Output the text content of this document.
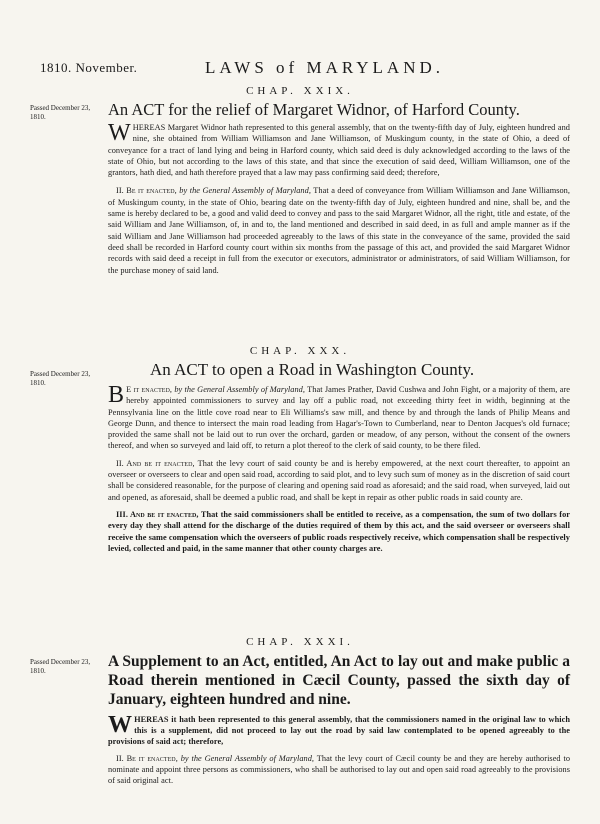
1810. November.	LAWS of MARYLAND.
CHAP. XXIX.
Passed December 23, 1810.	An ACT for the relief of Margaret Widnor, of Harford County.

WHEREAS Margaret Widnor hath represented to this general assembly, that on the twenty-fifth day of July, eighteen hundred and nine, she obtained from William Williamson and Jane Williamson, of Muskingum county, in the state of Ohio, a deed of conveyance for a tract of land lying and being in Harford county, which said deed is duly acknowledged according to the laws of the state of Ohio, but not according to the laws of this state, and that since the execution of said deed, William Williamson, one of the grantors, hath died, and hath therefore prayed that a law may pass confirming said deed; therefore,

II. Be it enacted, by the General Assembly of Maryland, That a deed of conveyance from William Williamson and Jane Williamson, of Muskingum county, in the state of Ohio, bearing date on the twenty-fifth day of July, eighteen hundred and nine, shall be, and the same is hereby declared to be, a good and valid deed to convey and pass to the said Margaret Widnor, all the right, title and estate, of the said William and Jane Williamson, of, in and to, the land mentioned and described in said deed, in as full and ample manner as if the said William and Jane Williamson had proceeded agreeably to the laws of this state in the conveyance of the same, provided the said deed shall be recorded in Harford county court within six months from the passage of this act, and provided the said Margaret Widnor records with said deed a receipt in full from the executor or executors, administrator or administrators, of said William Williamson, for the purchase money of said land.

CHAP. XXX.
Passed December 23, 1810.
An ACT to open a Road in Washington County.

B E it enacted, by the General Assembly of Maryland, That James Prather, David Cushwa and John Fight, or a majority of them, are hereby appointed commissioners to survey and lay off a public road, not exceeding thirty feet in width, beginning at the Pennsylvania line on the little cove road near to Eli Williams's saw mill, and thence by and through the lands of Philip Means and George Dunn, and thence to intersect the main road leading from Hagar's-Town to Cumberland, near to Denton Jacques's old furnace; provided the same shall not be laid out to run over the orchard, garden or meadow, of any person, without the consent of the owners thereof, and when so surveyed and laid off, to return a plot thereof to the clerk of said county, to be there filed.

II. And be it enacted, That the levy court of said county be and is hereby empowered, at the next court thereafter, to appoint an overseer or overseers to clear and open said road, according to said plot, and to levy such sum of money as in the discretion of said court shall be considered reasonable, for the purpose of clearing and opening said road as aforesaid; and the said road, when surveyed, laid out and opened, as aforesaid, shall be deemed a public road, and shall be kept in repair as other public roads in said county are.

III. And be it enacted, That the said commissioners shall be entitled to receive, as a compensation, the sum of two dollars for every day they shall attend for the discharge of the duties required of them by this act, and the said overseer or overseers shall receive the same compensation which the overseers of public roads respectively receive, which compensation shall be respectively levied, collected and paid, in the same manner that other county charges are.

CHAP. XXXI.
Passed December 23, 1810.
A Supplement to an Act, entitled, An Act to lay out and make public a Road therein mentioned in Cæcil County, passed the sixth day of January, eighteen hundred and nine.

WHEREAS it hath been represented to this general assembly, that the commissioners named in the original law to which this is a supplement, did not proceed to lay out the road by said law contemplated to be opened agreeably to the provisions of said act; therefore,

II. Be it enacted, by the General Assembly of Maryland, That the levy court of Cæcil county be and they are hereby authorised to nominate and appoint three persons as commissioners, who shall be authorised to lay out and open said road agreeably to the provisions of said original act.
